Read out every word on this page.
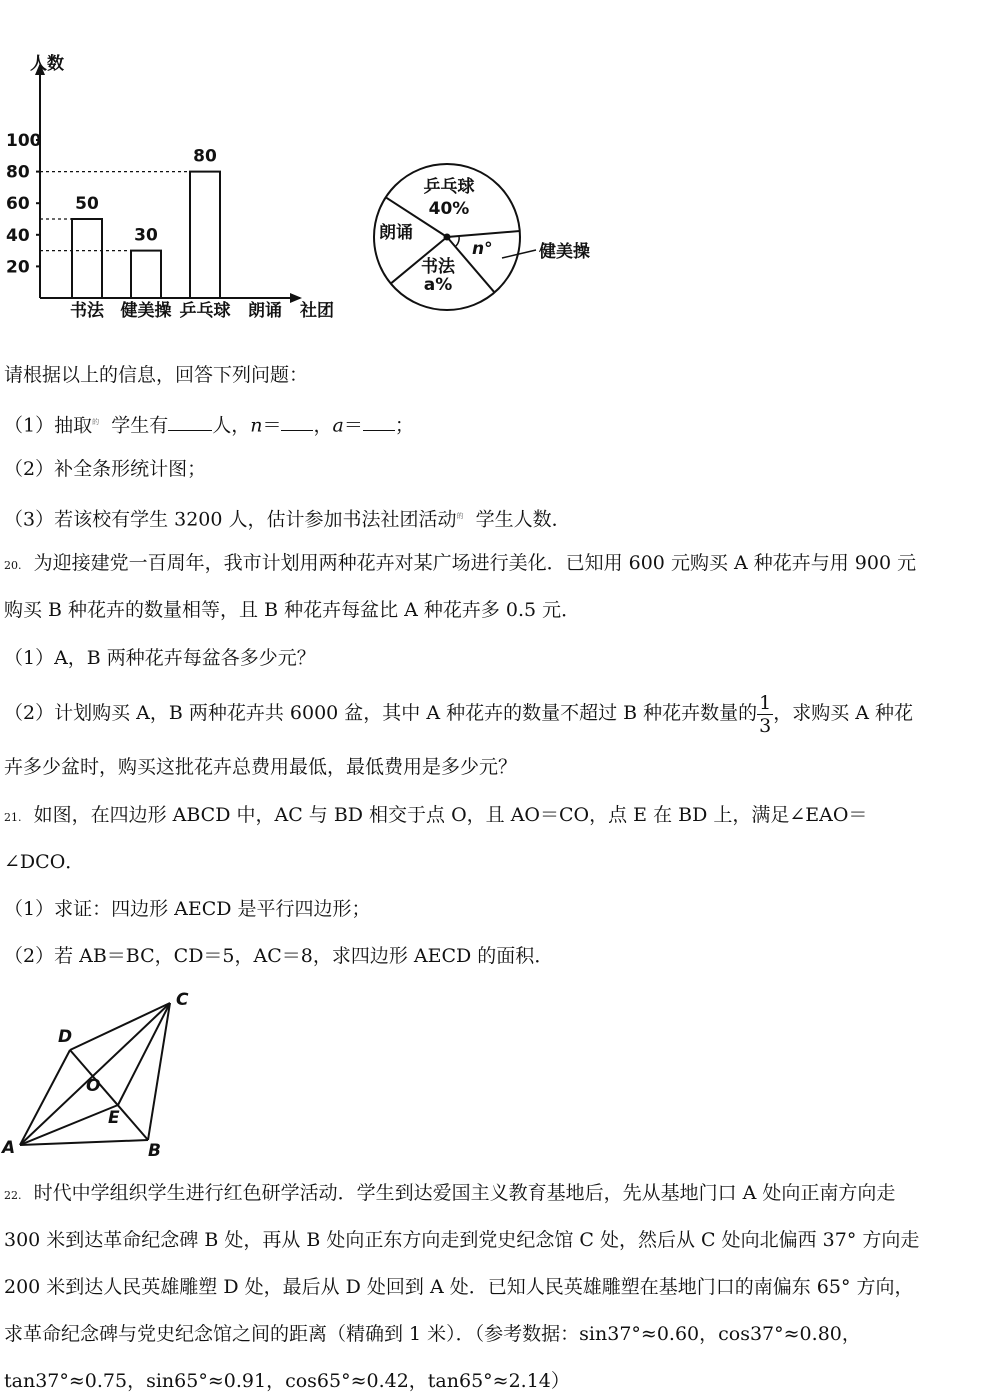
人数
社团
20
40
60
80
100
书法
50
健美操
30
乒乓球
80
朗诵
乒乓球
40%
朗诵
书法
a%
n°	健美操
请根据以上的信息，回答下列问题：
（1）抽取$^的$ 学生有 人，n＝ ，a＝ ；
（2）补全条形统计图；
（3）若该校有学生 3200 人，估计参加书法社团活动$^的$ 学生人数．
20. 为迎接建党一百周年，我市计划用两种花卉对某广场进行美化．已知用 600 元购买 A 种花卉与用 900 元
购买 B 种花卉的数量相等，且 B 种花卉每盆比 A 种花卉多 0.5 元．
（1）A，B 两种花卉每盆各多少元？
（2）计划购买 A，B 两种花卉共 6000 盆，其中 A 种花卉的数量不超过 B 种花卉数量的 $\frac{1}{3}$ ，求购买 A 种花
卉多少盆时，购买这批花卉总费用最低，最低费用是多少元？
21. 如图，在四边形 ABCD 中，AC 与 BD 相交于点 O，且 AO＝CO，点 E 在 BD 上，满足∠EAO＝
∠DCO．
（1）求证：四边形 AECD 是平行四边形；
（2）若 AB＝BC，CD＝5，AC＝8，求四边形 AECD 的面积．
A	B
C
D
O
E
22. 时代中学组织学生进行红色研学活动．学生到达爱国主义教育基地后，先从基地门口 A 处向正南方向走
300 米到达革命纪念碑 B 处，再从 B 处向正东方向走到党史纪念馆 C 处，然后从 C 处向北偏西 37° 方向走
200 米到达人民英雄雕塑 D 处，最后从 D 处回到 A 处．已知人民英雄雕塑在基地门口的南偏东 65° 方向，
求革命纪念碑与党史纪念馆之间的距离（精确到 1 米）．（参考数据：sin37°≈0.60，cos37°≈0.80，
tan37°≈0.75，sin65°≈0.91，cos65°≈0.42，tan65°≈2.14）
